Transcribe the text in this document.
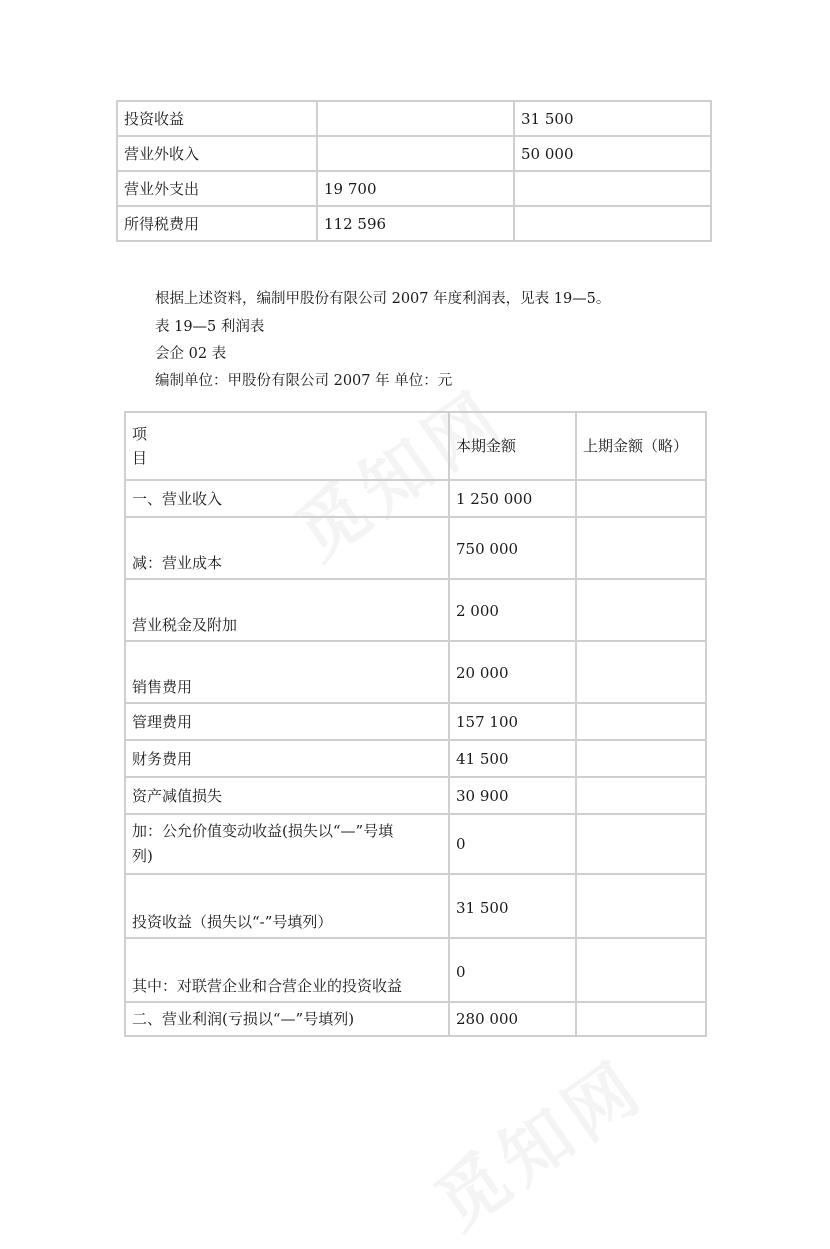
投资收益		31 500
营业外收入		50 000
营业外支出	19 700	
所得税费用	112 596	
根据上述资料，编制甲股份有限公司 2007 年度利润表，见表 19—5。
表 19—5 利润表
会企 02 表
编制单位：甲股份有限公司 2007 年 单位：元
项
目	本期金额	上期金额（略）
一、营业收入	1 250 000	
减：营业成本	750 000	
营业税金及附加	2 000	
销售费用	20 000	
管理费用	157 100	
财务费用	41 500	
资产减值损失	30 900	
加：公允价值变动收益(损失以“—”号填列)	0	
投资收益（损失以“-”号填列）	31 500	
其中：对联营企业和合营企业的投资收益	0	
二、营业利润(亏损以“—”号填列)	280 000	
